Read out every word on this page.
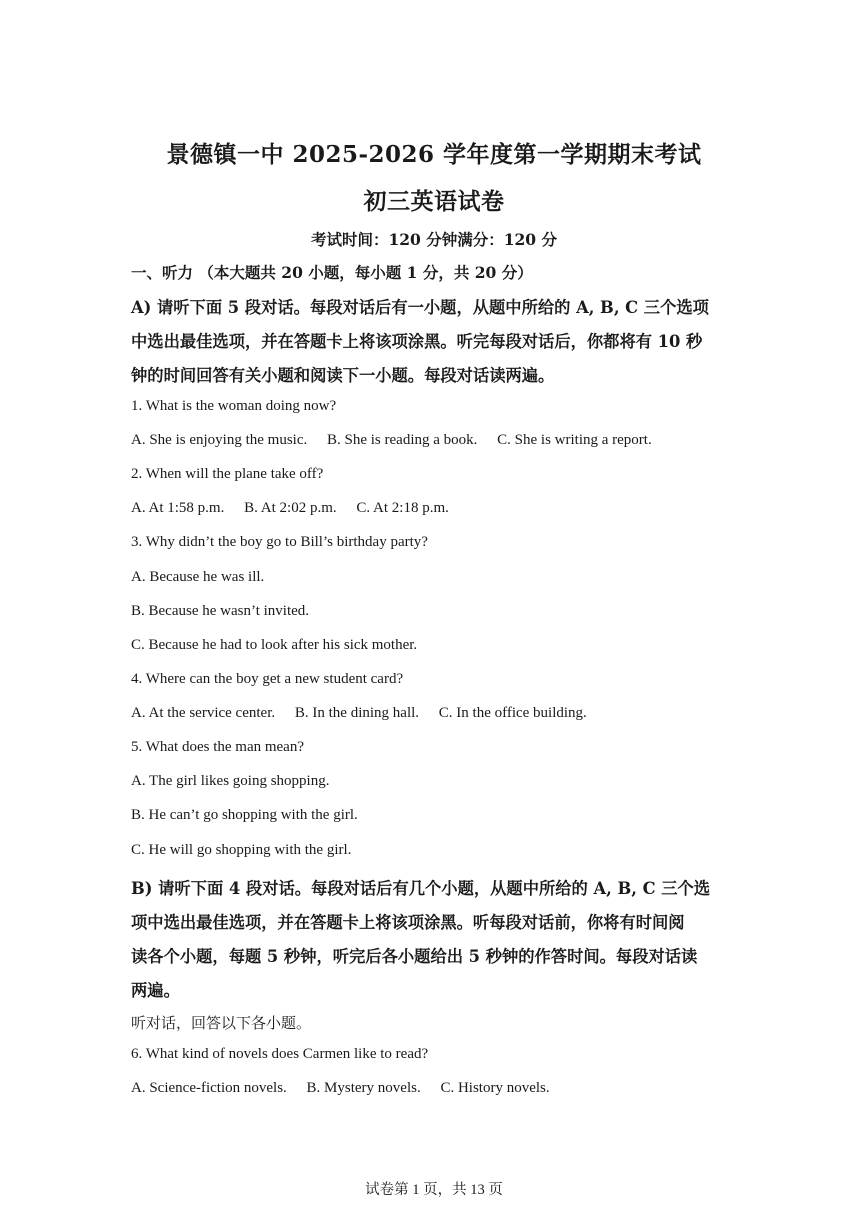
景德镇一中 2025-2026 学年度第一学期期末考试
初三英语试卷
考试时间：120 分钟满分：120 分
一、听力 （本大题共 20 小题，每小题 1 分，共 20 分）
A) 请听下面 5 段对话。每段对话后有一小题，从题中所给的 A, B, C 三个选项
中选出最佳选项，并在答题卡上将该项涂黑。听完每段对话后，你都将有 10 秒
钟的时间回答有关小题和阅读下一小题。每段对话读两遍。
1. What is the woman doing now?
A. She is enjoying the music. B. She is reading a book. C. She is writing a report.
2. When will the plane take off?
A. At 1:58 p.m. B. At 2:02 p.m. C. At 2:18 p.m.
3. Why didn’t the boy go to Bill’s birthday party?
A. Because he was ill.
B. Because he wasn’t invited.
C. Because he had to look after his sick mother.
4. Where can the boy get a new student card?
A. At the service center. B. In the dining hall. C. In the office building.
5. What does the man mean?
A. The girl likes going shopping.
B. He can’t go shopping with the girl.
C. He will go shopping with the girl.
B) 请听下面 4 段对话。每段对话后有几个小题，从题中所给的 A, B, C 三个选
项中选出最佳选项，并在答题卡上将该项涂黑。听每段对话前，你将有时间阅
读各个小题，每题 5 秒钟，听完后各小题给出 5 秒钟的作答时间。每段对话读
两遍。
听对话，回答以下各小题。
6. What kind of novels does Carmen like to read?
A. Science-fiction novels. B. Mystery novels. C. History novels.
试卷第 1 页，共 13 页
